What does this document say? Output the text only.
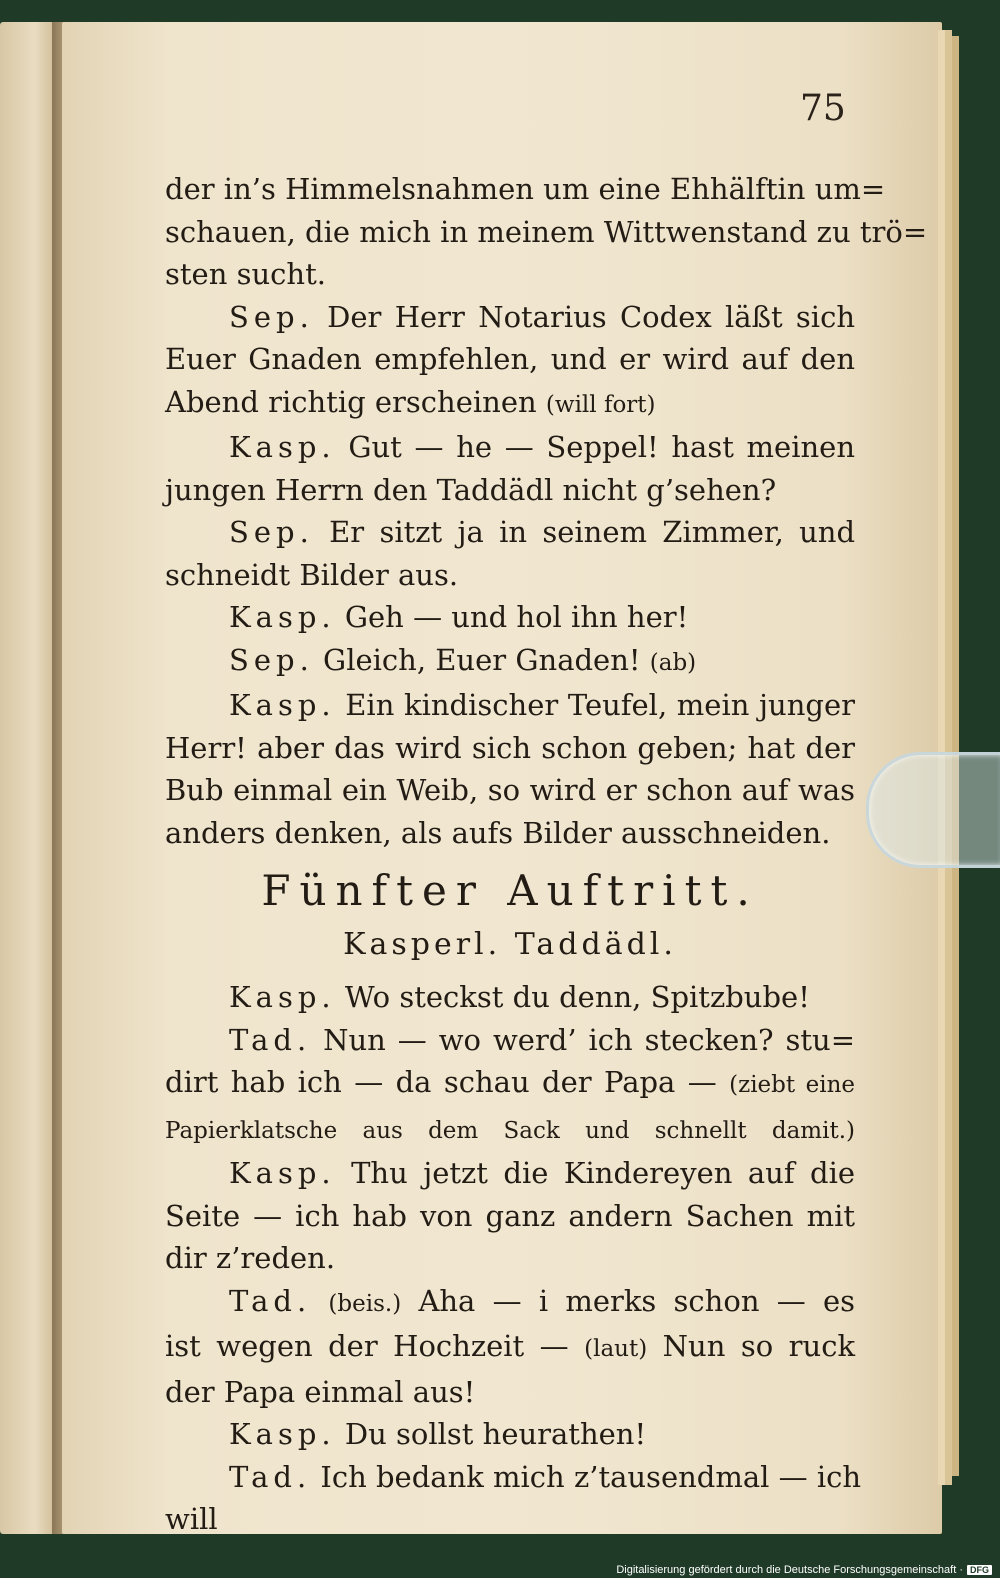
75
der in’s Himmelsnahmen um eine Ehhälftin um=
schauen, die mich in meinem Wittwenstand zu trö=
sten sucht.
Sep. Der Herr Notarius Codex läßt sich
Euer Gnaden empfehlen, und er wird auf den
Abend richtig erscheinen (will fort)
Kasp. Gut — he — Seppel! hast meinen
jungen Herrn den Taddädl nicht g’sehen?
Sep. Er sitzt ja in seinem Zimmer, und
schneidt Bilder aus.
Kasp. Geh — und hol ihn her!
Sep. Gleich, Euer Gnaden! (ab)
Kasp. Ein kindischer Teufel, mein junger
Herr! aber das wird sich schon geben; hat der
Bub einmal ein Weib, so wird er schon auf was
anders denken, als aufs Bilder ausschneiden.
Fünfter Auftritt.
Kasperl. Taddädl.
Kasp. Wo steckst du denn, Spitzbube!
Tad. Nun — wo werd’ ich stecken? stu=
dirt hab ich — da schau der Papa — (ziebt eine
Papierklatsche aus dem Sack und schnellt damit.)
Kasp. Thu jetzt die Kindereyen auf die
Seite — ich hab von ganz andern Sachen mit
dir z’reden.
Tad. (beis.) Aha — i merks schon — es
ist wegen der Hochzeit — (laut) Nun so ruck
der Papa einmal aus!
Kasp. Du sollst heurathen!
Tad. Ich bedank mich z’tausendmal — ich
will
Digitalisierung gefördert durch die Deutsche Forschungsgemeinschaft · DFG
